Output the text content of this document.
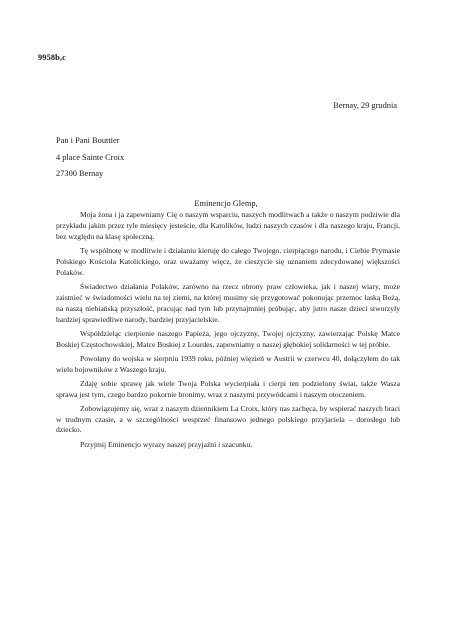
9958b,c
Bernay, 29 grudnia
Pan i Pani Bouttier
4 place Sainte Croix
27300 Bernay
Eminencjo Glemp,

Moja żona i ja zapewniamy Cię o naszym wsparciu, naszych modlitwach a także o naszym podziwie dla przykładu jakim przez tyle miesięcy jesteście, dla Katolików, ludzi naszych czasów i dla naszego kraju, Francji, bez względu na klasę społeczną.

Tę wspólnotę w modlitwie i działaniu kieruję do całego Twojego, cierpiącego narodu, i Ciebie Prymasie Polskiego Kościoła Katolickiego, oraz uważamy więcz, że cieszycie się uznaniem zdecydowanej większości Polaków.

Świadectwo działania Polaków, zarówno na rzecz obrony praw człowieka, jak i naszej wiary, może zaistnieć w świadomości wielu na tej ziemi, na której musimy się przygotować pokonując przemoc łaską Bożą, na naszą niebiańską przyszłość, pracując nad tym lub przynajmniej próbując, aby jutro nasze dzieci stworzyły bardziej sprawiedliwe narody, bardziej przyjacielskie.

Współdzieląc cierpienie naszego Papieża, jego ojczyzny, Twojej ojczyzny, zawierzając Polskę Matce Boskiej Częstochowskiej, Matce Boskiej z Lourdes, zapewniamy o naszej głębokiej solidarności w tej próbie.

Powołany do wojska w sierpniu 1939 roku, później więzień w Austrii w czerwcu 40, dołączyłem do tak wielu bojowników z Waszego kraju.

Zdaję sobie sprawę jak wiele Twoja Polska wycierpiała i cierpi ten podzielony świat, także Wasza sprawa jest tym, czego bardzo pokornie bronimy, wraz z naszymi przywódcami i naszym otoczeniem.

Zobowiązujemy się, wraz z naszym dziennikiem La Croix, który nas zachęca, by wspierać naszych braci w trudnym czasie, a w szczególności wesprzeć finansowo jednego polskiego przyjaciela – dorosłego lub dziecko.

Przyjmij Eminencjo wyrazy naszej przyjaźni i szacunku.
